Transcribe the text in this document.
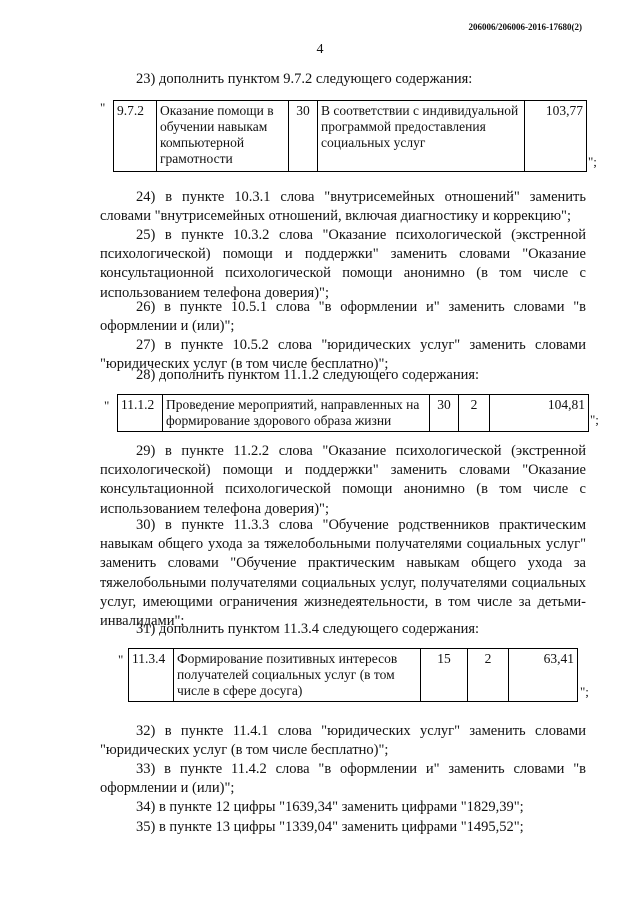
206006/206006-2016-17680(2)
4
23) дополнить пунктом 9.7.2 следующего содержания:
" 9.7.2	Оказание помощи в обучении навыкам компьютерной грамотности	30	В соответствии с индивидуальной программой предоставления социальных услуг	103,77
";
24) в пункте 10.3.1 слова "внутрисемейных отношений" заменить словами "внутрисемейных отношений, включая диагностику и коррекцию";
25) в пункте 10.3.2 слова "Оказание психологической (экстренной психологической) помощи и поддержки" заменить словами "Оказание консультационной психологической помощи анонимно (в том числе с использованием телефона доверия)";
26) в пункте 10.5.1 слова "в оформлении и" заменить словами "в оформлении и (или)";
27) в пункте 10.5.2 слова "юридических услуг" заменить словами "юридических услуг (в том числе бесплатно)";
28) дополнить пунктом 11.1.2 следующего содержания:
" 11.1.2	Проведение мероприятий, направленных на формирование здорового образа жизни	30	2	104,81
";
29) в пункте 11.2.2 слова "Оказание психологической (экстренной психологической) помощи и поддержки" заменить словами "Оказание консультационной психологической помощи анонимно (в том числе с использованием телефона доверия)";
30) в пункте 11.3.3 слова "Обучение родственников практическим навыкам общего ухода за тяжелобольными получателями социальных услуг" заменить словами "Обучение практическим навыкам общего ухода за тяжелобольными получателями социальных услуг, получателями социальных услуг, имеющими ограничения жизнедеятельности, в том числе за детьми-инвалидами";
31) дополнить пунктом 11.3.4 следующего содержания:
" 11.3.4	Формирование позитивных интересов получателей социальных услуг (в том числе в сфере досуга)	15	2	63,41
";
32) в пункте 11.4.1 слова "юридических услуг" заменить словами "юридических услуг (в том числе бесплатно)";
33) в пункте 11.4.2 слова "в оформлении и" заменить словами "в оформлении и (или)";
34) в пункте 12 цифры "1639,34" заменить цифрами "1829,39";
35) в пункте 13 цифры "1339,04" заменить цифрами "1495,52";
